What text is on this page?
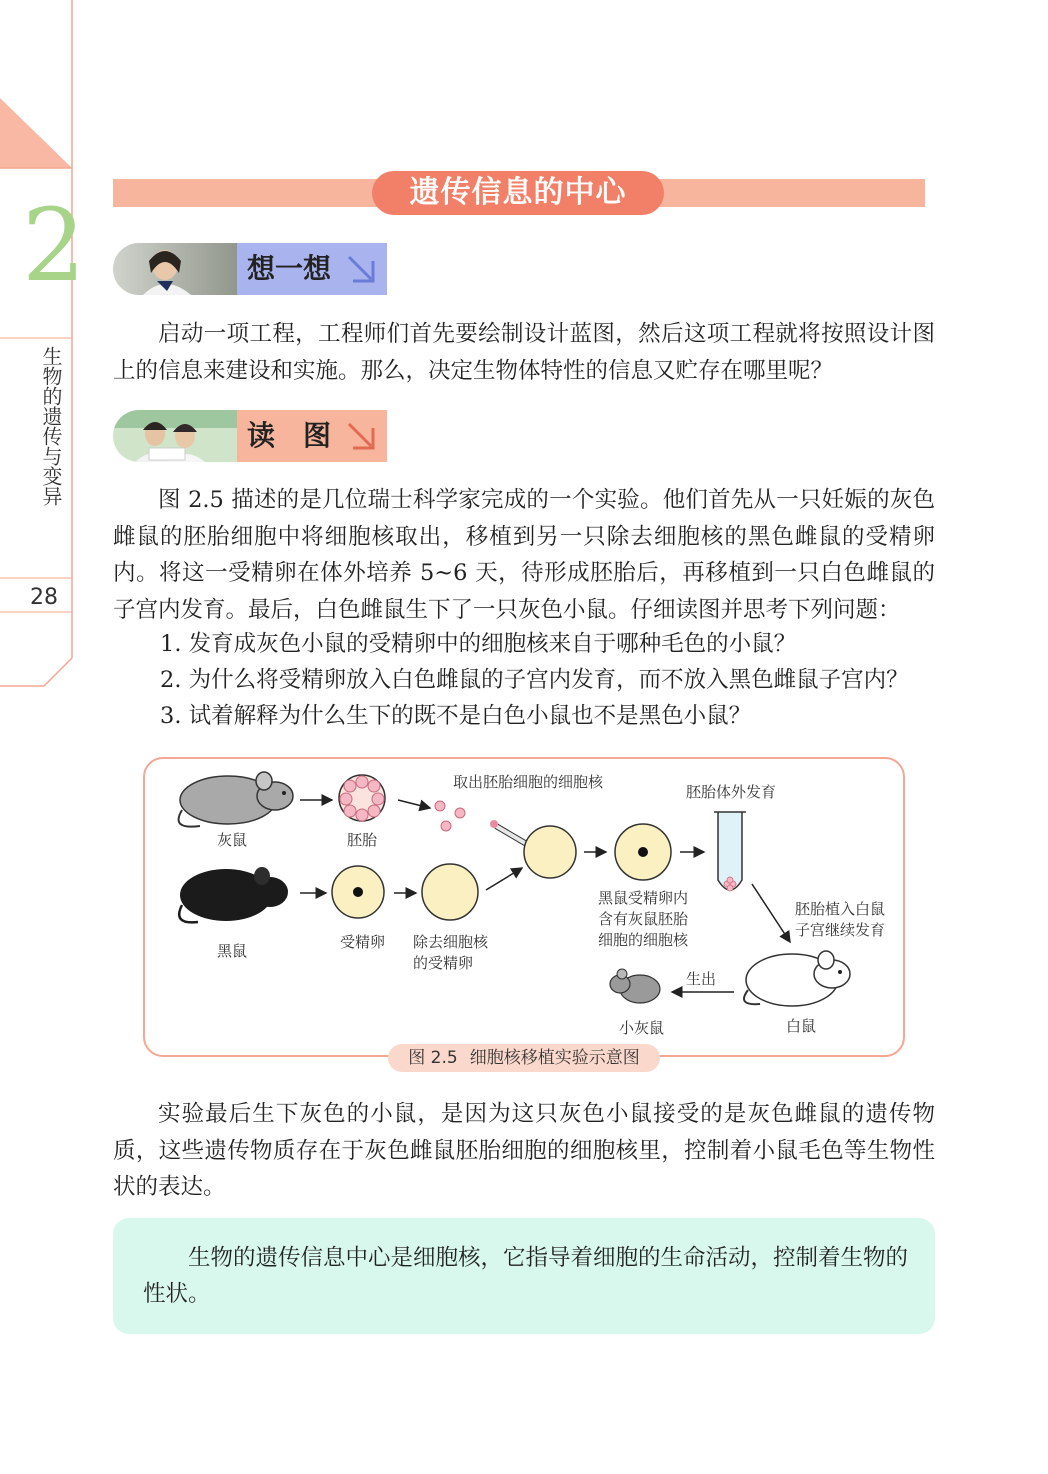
2
生物的遗传与变异
28
遗传信息的中心
想一想
启动一项工程，工程师们首先要绘制设计蓝图，然后这项工程就将按照设计图上的信息来建设和实施。那么，决定生物体特性的信息又贮存在哪里呢？
读　图
图 2.5 描述的是几位瑞士科学家完成的一个实验。他们首先从一只妊娠的灰色雌鼠的胚胎细胞中将细胞核取出，移植到另一只除去细胞核的黑色雌鼠的受精卵内。将这一受精卵在体外培养 5~6 天，待形成胚胎后，再移植到一只白色雌鼠的子宫内发育。最后，白色雌鼠生下了一只灰色小鼠。仔细读图并思考下列问题：
1. 发育成灰色小鼠的受精卵中的细胞核来自于哪种毛色的小鼠？
2. 为什么将受精卵放入白色雌鼠的子宫内发育，而不放入黑色雌鼠子宫内？
3. 试着解释为什么生下的既不是白色小鼠也不是黑色小鼠？
灰鼠	胚胎
取出胚胎细胞的细胞核
胚胎体外发育
黑鼠	受精卵 除去细胞核
的受精卵
黑鼠受精卵内
含有灰鼠胚胎
细胞的细胞核
胚胎植入白鼠
子宫继续发育
生出
小灰鼠	白鼠
图 2.5 细胞核移植实验示意图
实验最后生下灰色的小鼠，是因为这只灰色小鼠接受的是灰色雌鼠的遗传物质，这些遗传物质存在于灰色雌鼠胚胎细胞的细胞核里，控制着小鼠毛色等生物性状的表达。

生物的遗传信息中心是细胞核，它指导着细胞的生命活动，控制着生物的性状。
